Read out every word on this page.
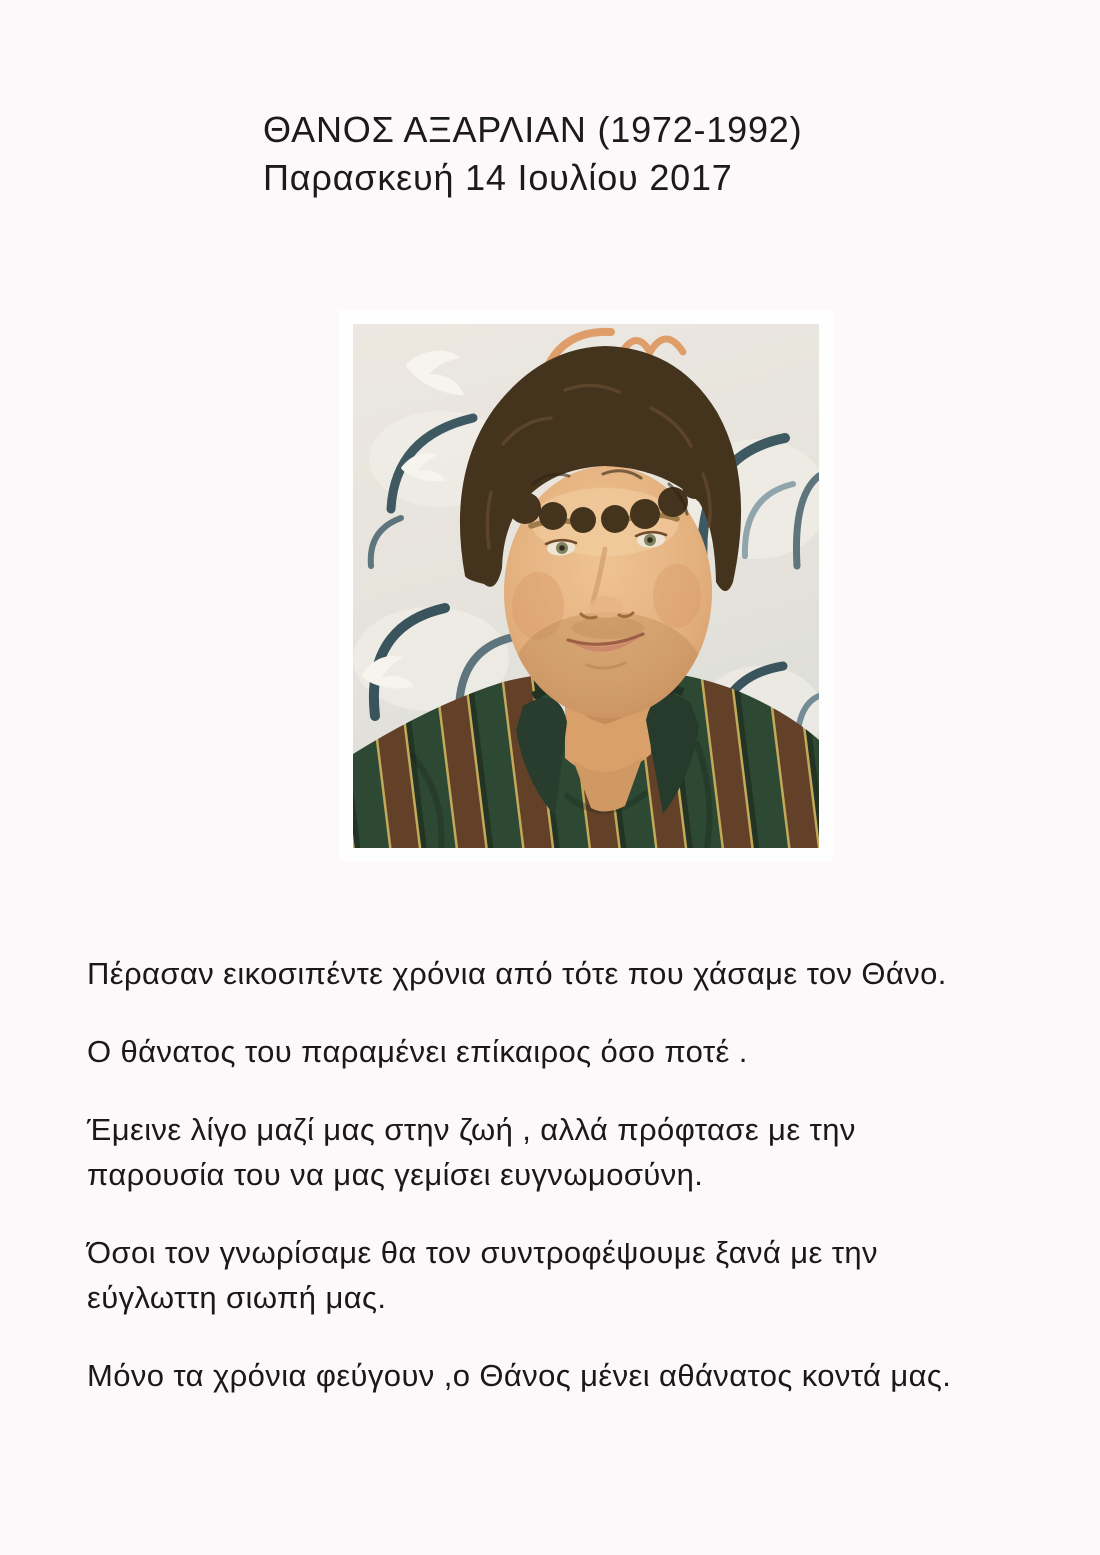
ΘΑΝΟΣ ΑΞΑΡΛΙΑΝ (1972-1992)
Παρασκευή 14 Ιουλίου 2017

Πέρασαν εικοσιπέντε χρόνια από τότε που χάσαμε τον Θάνο.

Ο θάνατος του παραμένει επίκαιρος όσο ποτέ .

Έμεινε λίγο μαζί μας στην ζωή , αλλά πρόφτασε με την
παρουσία του να μας γεμίσει ευγνωμοσύνη.

Όσοι τον γνωρίσαμε θα τον συντροφέψουμε ξανά με την
εύγλωττη σιωπή μας.

Μόνο τα χρόνια φεύγουν ,ο Θάνος μένει αθάνατος κοντά μας.
